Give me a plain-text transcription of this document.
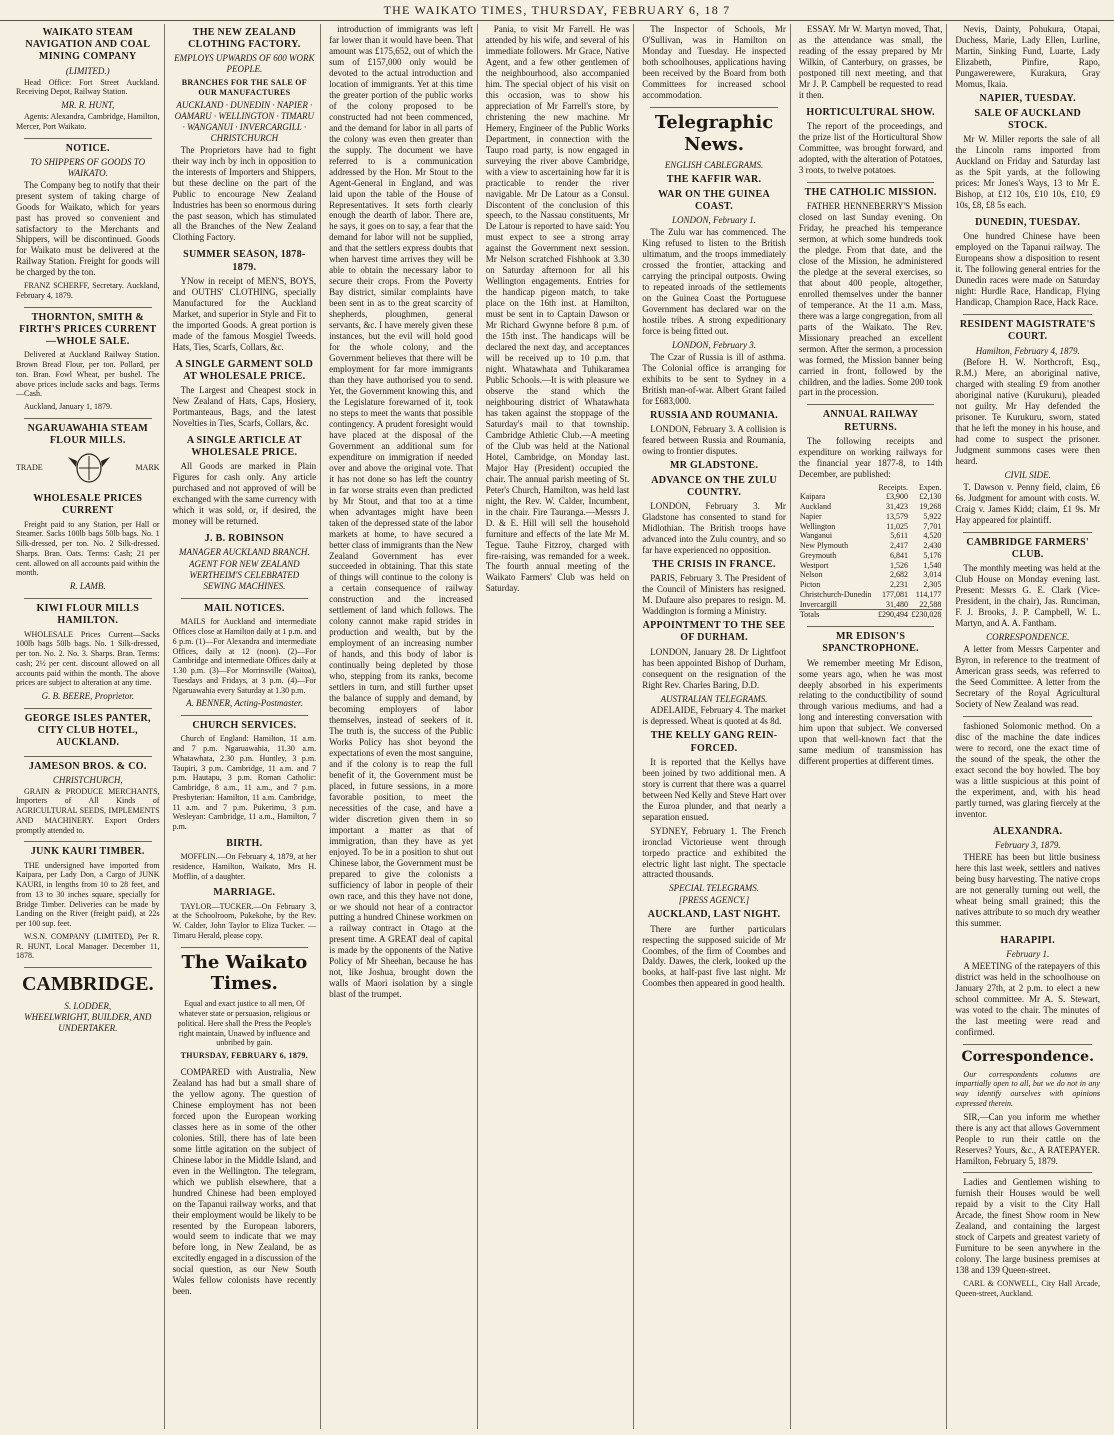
THE WAIKATO TIMES, THURSDAY, FEBRUARY 6, 18 7
WAIKATO STEAM NAVIGATION AND COAL MINING COMPANY
(LIMITED.)

Head Office: Fort Street Auckland. Receiving Depot, Railway Station.

MR. R. HUNT,

Agents: Alexandra, Cambridge, Hamilton, Mercer, Port Waikato.

NOTICE.
TO SHIPPERS OF GOODS TO WAIKATO.

The Company beg to notify that their present system of taking charge of Goods for Waikato, which for years past has proved so convenient and satisfactory to the Merchants and Shippers, will be discontinued. Goods for Waikato must be delivered at the Railway Station. Freight for goods will be charged by the ton.

FRANZ SCHERFF, Secretary. Auckland, February 4, 1879.

THORNTON, SMITH & FIRTH'S PRICES CURRENT—WHOLE SALE.

Delivered at Auckland Railway Station. Brown Bread Flour, per ton. Pollard, per ton. Bran. Fowl Wheat, per bushel. The above prices include sacks and bags. Terms—Cash.

Auckland, January 1, 1879.

NGARUAWAHIA STEAM FLOUR MILLS.
TRADE	MARK
WHOLESALE PRICES CURRENT

Freight paid to any Station, per Hall or Steamer. Sacks 100lb bags 50lb bags. No. 1 Silk-dressed, per ton. No. 2 Silk-dressed. Sharps. Bran. Oats. Terms: Cash; 21 per cent. allowed on all accounts paid within the month.

R. LAMB.
KIWI FLOUR MILLS HAMILTON.

WHOLESALE Prices Current—Sacks 100lb bags 50lb bags. No. 1 Silk-dressed, per ton. No. 2. No. 3. Sharps. Bran. Terms: cash; 2½ per cent. discount allowed on all accounts paid within the month. The above prices are subject to alteration at any time.

G. B. BEERE, Proprietor.
GEORGE ISLES PANTER, CITY CLUB HOTEL, AUCKLAND.
JAMESON BROS. & CO.
CHRISTCHURCH,

GRAIN & PRODUCE MERCHANTS, Importers of All Kinds of AGRICULTURAL SEEDS, IMPLEMENTS AND MACHINERY. Export Orders promptly attended to.

JUNK KAURI TIMBER.

THE undersigned have imported from Kaipara, per Lady Don, a Cargo of JUNK KAURI, in lengths from 10 to 28 feet, and from 13 to 30 inches square, specially for Bridge Timber. Deliveries can be made by Landing on the River (freight paid), at 22s per 100 sup. feet.

W.S.N. COMPANY (LIMITED), Per R. R. HUNT, Local Manager. December 11, 1878.

CAMBRIDGE.
S. LODDER,
WHEELWRIGHT, BUILDER, AND UNDERTAKER.
THE NEW ZEALAND CLOTHING FACTORY.
EMPLOYS UPWARDS OF 600 WORK PEOPLE.
BRANCHES FOR THE SALE OF OUR MANUFACTURES
AUCKLAND · DUNEDIN · NAPIER · OAMARU · WELLINGTON · TIMARU · WANGANUI · INVERCARGILL · CHRISTCHURCH

The Proprietors have had to fight their way inch by inch in opposition to the interests of Importers and Shippers, but these decline on the part of the Public to encourage New Zealand Industries has been so enormous during the past season, which has stimulated all the Branches of the New Zealand Clothing Factory.

SUMMER SEASON, 1878-1879.

YNow in receipt of MEN'S, BOYS, and OUTHS' CLOTHING, specially Manufactured for the Auckland Market, and superior in Style and Fit to the imported Goods. A great portion is made of the famous Mosgiel Tweeds. Hats, Ties, Scarfs, Collars, &c.

A SINGLE GARMENT SOLD AT WHOLESALE PRICE.

The Largest and Cheapest stock in New Zealand of Hats, Caps, Hosiery, Portmanteaus, Bags, and the latest Novelties in Ties, Scarfs, Collars, &c.

A SINGLE ARTICLE AT WHOLESALE PRICE.

All Goods are marked in Plain Figures for cash only. Any article purchased and not approved of will be exchanged with the same currency with which it was sold, or, if desired, the money will be returned.

J. B. ROBINSON
MANAGER AUCKLAND BRANCH.
AGENT FOR NEW ZEALAND WERTHEIM'S CELEBRATED SEWING MACHINES.
MAIL NOTICES.

MAILS for Auckland and intermediate Offices close at Hamilton daily at 1 p.m. and 6 p.m. (1)—For Alexandra and intermediate Offices, daily at 12 (noon). (2)—For Cambridge and intermediate Offices daily at 1.30 p.m. (3)—For Morrinsville (Waitoa), Tuesdays and Fridays, at 3 p.m. (4)—For Ngaruawahia every Saturday at 1.30 p.m.

A. BENNER, Acting-Postmaster.
CHURCH SERVICES.

Church of England: Hamilton, 11 a.m. and 7 p.m. Ngaruawahia, 11.30 a.m. Whatawhata, 2.30 p.m. Huntley, 3 p.m. Taupiri, 3 p.m. Cambridge, 11 a.m. and 7 p.m. Hautapu, 3 p.m. Roman Catholic: Cambridge, 8 a.m., 11 a.m., and 7 p.m. Presbyterian: Hamilton, 11 a.m. Cambridge, 11 a.m. and 7 p.m. Pukerimu, 3 p.m. Wesleyan: Cambridge, 11 a.m., Hamilton, 7 p.m.

BIRTH.

MOFFLIN.—On February 4, 1879, at her residence, Hamilton, Waikato, Mrs H. Mofflin, of a daughter.

MARRIAGE.

TAYLOR—TUCKER.—On February 3, at the Schoolroom, Pukekohe, by the Rev. W. Calder, John Taylor to Eliza Tucker. —Timaru Herald, please copy.

The Waikato Times.

Equal and exact justice to all men, Of whatever state or persuasion, religious or political. Here shall the Press the People's right maintain, Unawed by influence and unbribed by gain.

THURSDAY, FEBRUARY 6, 1879.

COMPARED with Australia, New Zealand has had but a small share of the yellow agony. The question of Chinese employment has not been forced upon the European working classes here as in some of the other colonies. Still, there has of late been some little agitation on the subject of Chinese labor in the Middle Island, and even in the Wellington. The telegram, which we publish elsewhere, that a hundred Chinese had been employed on the Tapanui railway works, and that their employment would be likely to be resented by the European laborers, would seem to indicate that we may before long, in New Zealand, be as excitedly engaged in a discussion of the social question, as our New South Wales fellow colonists have recently been.

introduction of immigrants was left far lower than it would have been. That amount was £175,652, out of which the sum of £157,000 only would be devoted to the actual introduction and location of immigrants. Yet at this time the greater portion of the public works of the colony proposed to be constructed had not been commenced, and the demand for labor in all parts of the colony was even then greater than the supply. The document we have referred to is a communication addressed by the Hon. Mr Stout to the Agent-General in England, and was laid upon the table of the House of Representatives. It sets forth clearly enough the dearth of labor. There are, he says, it goes on to say, a fear that the demand for labor will not be supplied, and that the settlers express doubts that when harvest time arrives they will be able to obtain the necessary labor to secure their crops. From the Poverty Bay district, similar complaints have been sent in as to the great scarcity of shepherds, ploughmen, general servants, &c. I have merely given these instances, but the evil will hold good for the whole colony, and the Government believes that there will be employment for far more immigrants than they have authorised you to send. Yet, the Government knowing this, and the Legislature forewarned of it, took no steps to meet the wants that possible contingency. A prudent foresight would have placed at the disposal of the Government an additional sum for expenditure on immigration if needed over and above the original vote. That it has not done so has left the country in far worse straits even than predicted by Mr Stout, and that too at a time when advantages might have been taken of the depressed state of the labor markets at home, to have secured a better class of immigrants than the New Zealand Government has ever succeeded in obtaining. That this state of things will continue to the colony is a certain consequence of railway construction and the increased settlement of land which follows. The colony cannot make rapid strides in production and wealth, but by the employment of an increasing number of hands, and this body of labor is continually being depleted by those who, stepping from its ranks, become settlers in turn, and still further upset the balance of supply and demand, by becoming employers of labor themselves, instead of seekers of it. The truth is, the success of the Public Works Policy has shot beyond the expectations of even the most sanguine, and if the colony is to reap the full benefit of it, the Government must be placed, in future sessions, in a more favorable position, to meet the necessities of the case, and have a wider discretion given them in so important a matter as that of immigration, than they have as yet enjoyed. To be in a position to shut out Chinese labor, the Government must be prepared to give the colonists a sufficiency of labor in people of their own race, and this they have not done, or we should not hear of a contractor putting a hundred Chinese workmen on a railway contract in Otago at the present time. A GREAT deal of capital is made by the opponents of the Native Policy of Mr Sheehan, because he has not, like Joshua, brought down the walls of Maori isolation by a single blast of the trumpet.

Pania, to visit Mr Farrell. He was attended by his wife, and several of his immediate followers. Mr Grace, Native Agent, and a few other gentlemen of the neighbourhood, also accompanied him. The special object of his visit on this occasion, was to show his appreciation of Mr Farrell's store, by christening the new machine. Mr Hemery, Engineer of the Public Works Department, in connection with the Taupo road party, is now engaged in surveying the river above Cambridge, with a view to ascertaining how far it is practicable to render the river navigable. Mr De Latour as a Consul. Discontent of the conclusion of this speech, to the Nassau constituents, Mr De Latour is reported to have said: You must expect to see a strong array against the Government next session. Mr Nelson scratched Fishhook at 3.30 on Saturday afternoon for all his Wellington engagements. Entries for the handicap pigeon match, to take place on the 16th inst. at Hamilton, must be sent in to Captain Dawson or Mr Richard Gwynne before 8 p.m. of the 15th inst. The handicaps will be declared the next day, and acceptances will be received up to 10 p.m. that night. Whatawhata and Tuhikaramea Public Schools.—It is with pleasure we observe the stand which the neighbouring district of Whatawhata has taken against the stoppage of the Saturday's mail to that township. Cambridge Athletic Club.—A meeting of the Club was held at the National Hotel, Cambridge, on Monday last. Major Hay (President) occupied the chair. The annual parish meeting of St. Peter's Church, Hamilton, was held last night, the Rev. W. Calder, Incumbent, in the chair. Fire Tauranga.—Messrs J. D. & E. Hill will sell the household furniture and effects of the late Mr M. Tegue. Tauhe Fitzroy, charged with fire-raising, was remanded for a week. The fourth annual meeting of the Waikato Farmers' Club was held on Saturday.

The Inspector of Schools, Mr O'Sullivan, was in Hamilton on Monday and Tuesday. He inspected both schoolhouses, applications having been received by the Board from both Committees for increased school accommodation.

Telegraphic News.
ENGLISH CABLEGRAMS.
THE KAFFIR WAR.
WAR ON THE GUINEA COAST.
LONDON, February 1.

The Zulu war has commenced. The King refused to listen to the British ultimatum, and the troops immediately crossed the frontier, attacking and carrying the principal outposts. Owing to repeated inroads of the settlements on the Guinea Coast the Portuguese Government has declared war on the hostile tribes. A strong expeditionary force is being fitted out.

LONDON, February 3.

The Czar of Russia is ill of asthma. The Colonial office is arranging for exhibits to be sent to Sydney in a British man-of-war. Albert Grant failed for £683,000.

RUSSIA AND ROUMANIA.

LONDON, February 3. A collision is feared between Russia and Roumania, owing to frontier disputes.

MR GLADSTONE.
ADVANCE ON THE ZULU COUNTRY.

LONDON, February 3. Mr Gladstone has consented to stand for Midlothian. The British troops have advanced into the Zulu country, and so far have experienced no opposition.

THE CRISIS IN FRANCE.

PARIS, February 3. The President of the Council of Ministers has resigned. M. Dufaure also prepares to resign. M. Waddington is forming a Ministry.

APPOINTMENT TO THE SEE OF DURHAM.

LONDON, January 28. Dr Lightfoot has been appointed Bishop of Durham, consequent on the resignation of the Right Rev. Charles Baring, D.D.

AUSTRALIAN TELEGRAMS.

ADELAIDE, February 4. The market is depressed. Wheat is quoted at 4s 8d.

THE KELLY GANG REIN-FORCED.

It is reported that the Kellys have been joined by two additional men. A story is current that there was a quarrel between Ned Kelly and Steve Hart over the Euroa plunder, and that nearly a separation ensued.

SYDNEY, February 1. The French ironclad Victorieuse went through torpedo practice and exhibited the electric light last night. The spectacle attracted thousands.

SPECIAL TELEGRAMS.
[PRESS AGENCY.]
AUCKLAND, LAST NIGHT.

There are further particulars respecting the supposed suicide of Mr Coombes, of the firm of Coombes and Daldy. Dawes, the clerk, looked up the books, at half-past five last night. Mr Coombes then appeared in good health.

ESSAY. Mr W. Martyn moved, That, as the attendance was small, the reading of the essay prepared by Mr Wilkin, of Canterbury, on grasses, be postponed till next meeting, and that Mr J. P. Campbell be requested to read it then.

HORTICULTURAL SHOW.

The report of the proceedings, and the prize list of the Horticultural Show Committee, was brought forward, and adopted, with the alteration of Potatoes, 3 roots, to twelve potatoes.

THE CATHOLIC MISSION.

FATHER HENNEBERRY'S Mission closed on last Sunday evening. On Friday, he preached his temperance sermon, at which some hundreds took the pledge. From that date, and the close of the Mission, he administered the pledge at the several exercises, so that about 400 people, altogether, enrolled themselves under the banner of temperance. At the 11 a.m. Mass, there was a large congregation, from all parts of the Waikato. The Rev. Missionary preached an excellent sermon. After the sermon, a procession was formed, the Mission banner being carried in front, followed by the children, and the ladies. Some 200 took part in the procession.

ANNUAL RAILWAY RETURNS.

The following receipts and expenditure on working railways for the financial year 1877-8, to 14th December, are published:

	Receipts.	Expen.
Kaipara	£3,900	£2,130
Auckland	31,423	19,268
Napier	13,579	5,922
Wellington	11,025	7,701
Wanganui	5,611	4,520
New Plymouth	2,417	2,430
Greymouth	6,841	5,176
Westport	1,526	1,540
Nelson	2,682	3,014
Picton	2,231	2,305
Christchurch-Dunedin	177,081	114,177
Invercargill	31,480	22,588
Totals	£290,494	£230,028
MR EDISON'S SPANCTROPHONE.

We remember meeting Mr Edison, some years ago, when he was most deeply absorbed in his experiments relating to the conductibility of sound through various mediums, and had a long and interesting conversation with him upon that subject. We conversed upon that well-known fact that the same medium of transmission has different properties at different times.

Nevis, Dainty, Pohukura, Otapai, Duchess, Marie, Lady Ellen, Lurline, Martin, Sinking Fund, Luarte, Lady Elizabeth, Pinfire, Rapo, Pungawerewere, Kurakura, Gray Momus, Ikaia.

NAPIER, TUESDAY.
SALE OF AUCKLAND STOCK.

Mr W. Miller reports the sale of all the Lincoln rams imported from Auckland on Friday and Saturday last as the Spit yards, at the following prices: Mr Jones's Ways, 13 to Mr E. Bishop, at £12 10s, £10 10s, £10, £9 10s, £8, £8 5s each.

DUNEDIN, TUESDAY.

One hundred Chinese have been employed on the Tapanui railway. The Europeans show a disposition to resent it. The following general entries for the Dunedin races were made on Saturday night: Hurdle Race, Handicap, Flying Handicap, Champion Race, Hack Race.

RESIDENT MAGISTRATE'S COURT.
Hamilton, February 4, 1879.

(Before H. W. Northcroft, Esq., R.M.) Mere, an aboriginal native, charged with stealing £9 from another aboriginal native (Kurukuru), pleaded not guilty. Mr Hay defended the prisoner. Te Kurukuru, sworn, stated that he left the money in his house, and had come to suspect the prisoner. Judgment summons cases were then heard.

CIVIL SIDE.

T. Dawson v. Penny field, claim, £6 6s. Judgment for amount with costs. W. Craig v. James Kidd; claim, £1 9s. Mr Hay appeared for plaintiff.

CAMBRIDGE FARMERS' CLUB.

The monthly meeting was held at the Club House on Monday evening last. Present: Messrs G. E. Clark (Vice-President, in the chair), Jas. Runciman, F. J. Brooks, J. P. Campbell, W. L. Martyn, and A. A. Fantham.

CORRESPONDENCE.

A letter from Messrs Carpenter and Byron, in reference to the treatment of American grass seeds, was referred to the Seed Committee. A letter from the Secretary of the Royal Agricultural Society of New Zealand was read.

fashioned Solomonic method. On a disc of the machine the date indices were to record, one the exact time of the sound of the speak, the other the exact second the boy howled. The boy was a little suspicious at this point of the experiment, and, with his head partly turned, was glaring fiercely at the inventor.

ALEXANDRA.
February 3, 1879.

THERE has been but little business here this last week, settlers and natives being busy harvesting. The native crops are not generally turning out well, the wheat being small grained; this the natives attribute to so much dry weather this summer.

HARAPIPI.
February 1.

A MEETING of the ratepayers of this district was held in the schoolhouse on January 27th, at 2 p.m. to elect a new school committee. Mr A. S. Stewart, was voted to the chair. The minutes of the last meeting were read and confirmed.

Correspondence.

Our correspondents columns are impartially open to all, but we do not in any way identify ourselves with opinions expressed therein.

SIR,—Can you inform me whether there is any act that allows Government People to run their cattle on the Reserves? Yours, &c., A RATEPAYER. Hamilton, February 5, 1879.

Ladies and Gentlemen wishing to furnish their Houses would be well repaid by a visit to the City Hall Arcade, the finest Show room in New Zealand, and containing the largest stock of Carpets and greatest variety of Furniture to be seen anywhere in the colony. The large business premises at 138 and 139 Queen-street.

CARL & CONWELL, City Hall Arcade, Queen-street, Auckland.
